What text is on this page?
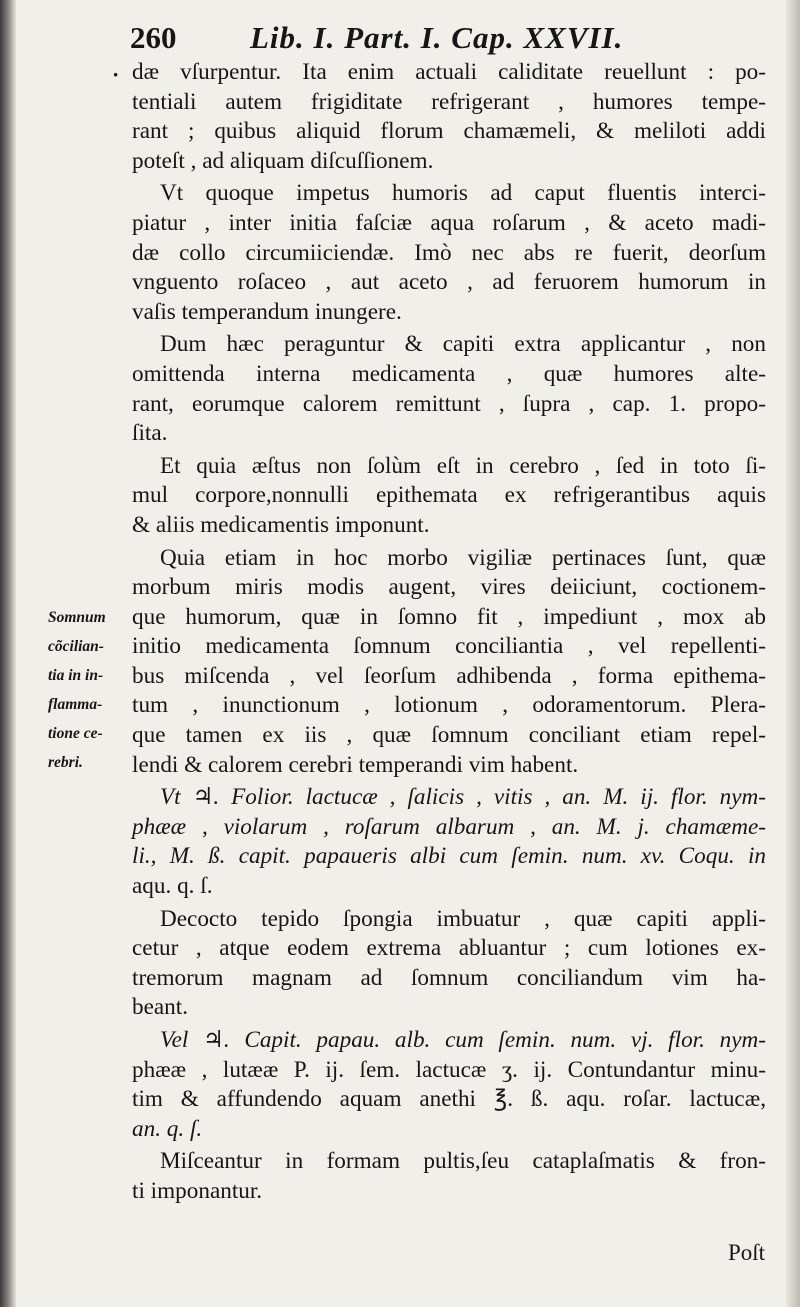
260 Lib. I. Part. I. Cap. XXVII.
· dæ vſurpentur. Ita enim actuali caliditate reuellunt : po-
tentiali autem frigiditate refrigerant , humores tempe-
rant ; quibus aliquid florum chamæmeli, & meliloti addi
poteſt , ad aliquam diſcuſſionem.

Vt quoque impetus humoris ad caput fluentis interci-

piatur , inter initia faſciæ aqua roſarum , & aceto madi-
dæ collo circumiiciendæ. Imò nec abs re fuerit, deorſum
vnguento roſaceo , aut aceto , ad feruorem humorum in
vaſis temperandum inungere.

Dum hæc peraguntur & capiti extra applicantur , non

omittenda interna medicamenta , quæ humores alte-
rant, eorumque calorem remittunt , ſupra , cap. 1. propo-
ſita.

Et quia æſtus non ſolùm eſt in cerebro , ſed in toto ſi-

mul corpore,nonnulli epithemata ex refrigerantibus aquis
& aliis medicamentis imponunt.

Quia etiam in hoc morbo vigiliæ pertinaces ſunt, quæ

morbum miris modis augent, vires deiiciunt, coctionem-
que humorum, quæ in ſomno fit , impediunt , mox ab
initio medicamenta ſomnum conciliantia , vel repellenti-
bus miſcenda , vel ſeorſum adhibenda , forma epithema-
tum , inunctionum , lotionum , odoramentorum. Plera-
que tamen ex iis , quæ ſomnum conciliant etiam repel-
lendi & calorem cerebri temperandi vim habent.

Vt ♃. Folior. lactucæ , ſalicis , vitis , an. M. ij. flor. nym-

phææ , violarum , roſarum albarum , an. M. j. chamæme-
li., M. ß. capit. papaueris albi cum ſemin. num. xv. Coqu. in
aqu. q. ſ.

Decocto tepido ſpongia imbuatur , quæ capiti appli-

cetur , atque eodem extrema abluantur ; cum lotiones ex-
tremorum magnam ad ſomnum conciliandum vim ha-
beant.

Vel ♃. Capit. papau. alb. cum ſemin. num. vj. flor. nym-

phææ , lutææ P. ij. ſem. lactucæ ʒ. ij. Contundantur minu-
tim & affundendo aquam anethi ℥. ß. aqu. roſar. lactucæ,
an. q. ſ.

Miſceantur in formam pultis,ſeu cataplaſmatis & fron-

ti imponantur.

Somnum
cõcilian-
tia in in-
flamma-
tione ce-
rebri.
Poſt
